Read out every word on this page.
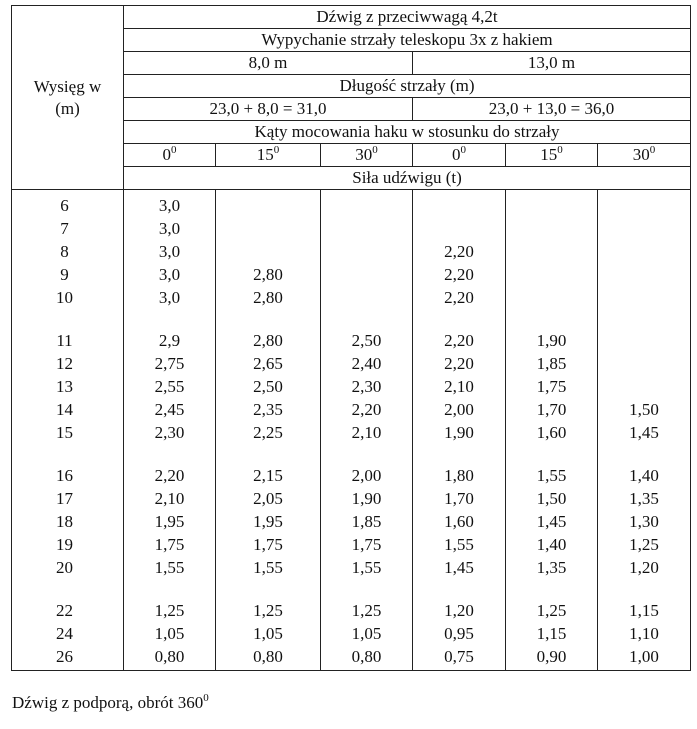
Wysięg w (m)	Dźwig z przeciwwagą 4,2t					
	Wypychanie strzały teleskopu 3x z hakiem					
	8,0 m			13,0 m		
	Długość strzały (m)					
	23,0 + 8,0 = 31,0			23,0 + 13,0 = 36,0		
	Kąty mocowania haku w stosunku do strzały					
	$0^0$	$15^0$	$30^0$	$0^0$	$15^0$	$30^0$
	Siła udźwigu (t)					
6	3,0					
7	3,0					
8	3,0			2,20		
9	3,0	2,80		2,20		
10	3,0	2,80		2,20		

11	2,9	2,80	2,50	2,20	1,90	
12	2,75	2,65	2,40	2,20	1,85	
13	2,55	2,50	2,30	2,10	1,75	
14	2,45	2,35	2,20	2,00	1,70	1,50
15	2,30	2,25	2,10	1,90	1,60	1,45

16	2,20	2,15	2,00	1,80	1,55	1,40
17	2,10	2,05	1,90	1,70	1,50	1,35
18	1,95	1,95	1,85	1,60	1,45	1,30
19	1,75	1,75	1,75	1,55	1,40	1,25
20	1,55	1,55	1,55	1,45	1,35	1,20

22	1,25	1,25	1,25	1,20	1,25	1,15
24	1,05	1,05	1,05	0,95	1,15	1,10
26	0,80	0,80	0,80	0,75	0,90	1,00
Dźwig z podporą, obrót $360^0$
